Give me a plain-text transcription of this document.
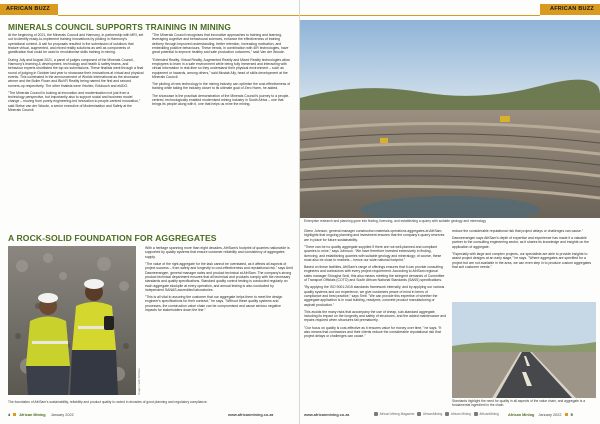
AFRICAN BUZZ
MINERALS COUNCIL SUPPORTS TRAINING IN MINING

At the beginning of 2021, the Minerals Council and Harmony, in partnership with MRI, set out to identify ready-to-implement training innovations by piloting in Harmony's operational context. A call for proposals resulted in the submission of solutions that feature virtual, augmented, and mixed reality solutions as well as components of gamification that could be used to revolutionise skills training in mining.

During July and August 2021, a panel of judges composed of the Minerals Council, Harmony's learning & development, technology and health & safety teams, and behaviour experts shortlisted the top six submissions. These finalists went through a final round of judging in October last year to showcase their innovations at virtual and physical events. This culminated in the announcement of Worldx International as the showcase winner and the Boiler Room and BluVR Reality being named the first and second runners-up respectively. The other finalists were Vrtuitec, Edutouch and ekIDO.

"The Minerals Council is looking at innovation and modernisation not just from a technology perspective, but importantly also to support social and business model change – moving from purely engineering-led innovation to people-centred innovation," said Sietse van der Woude, a senior executive of Modernisation and Safety at the Minerals Council.

"The Minerals Council recognises that innovative approaches to training and learning, leveraging cognitive and behavioural sciences, enhance the effectiveness of training delivery through improved understanding, better retention, increasing motivation, and embedding positive behaviours. These trends, in combination with 4IR technologies, have great potential to improve healthy and safe production outcomes," said Van der Woude.

"Extended Reality, Virtual Reality, Augmented Reality and Mixed Reality technologies allow employees to learn in a safe environment while being fully immersed and interacting with virtual information in real-time so they understand their physical environment – such as equipment or hazards, among others," said Mustak Ally, head of skills development at the Minerals Council.

The piloting of new technology in the mining industry can optimise the cost-effectiveness of training while taking the industry closer to its ultimate goal of Zero Harm, he added.

The showcase is the practical demonstration of the Minerals Council's journey to a people-centred, technologically enabled modernised mining industry in South Africa – one that brings its people along with it, one that helps us mine the mining.

A ROCK-SOLID FOUNDATION FOR AGGREGATES
Image credit: AfriSam

With a heritage spanning more than eight decades, AfriSam's footprint of quarries nationwide is supported by quality systems that ensure customer reliability and consistency of aggregates supply.

"The value of the right aggregate for the task cannot be overstated, as it affects all aspects of project success – from safety and longevity to cost-effectiveness and reputational risk," says Amit Dawneerangen, general manager sales and product technical at AfriSam. The company's strong product technical department ensures that all technical and products comply with the necessary standards and quality specifications. Standard quality control testing is conducted regularly on each aggregate stockpile at every operation, and annual testing is also conducted by independent SANAS-accredited laboratories.

"This is all vital to assuring the customer that our aggregate helps them to meet the design engineer's specifications for their contract," he says. "Without these quality systems and processes, the construction value chain can be compromised and cause serious negative impacts for stakeholders down the line."

The foundation of AfriSam's sustainability, reliability and product quality is rooted in decades of good planning and regulatory compliance.
4 African Mining January 2022	www.africanmining.co.za
AFRICAN BUZZ
Enterprise research and planning gone into finding, licencing, and establishing a quarry with suitable geology and mineralogy

Glenn Johnson, general manager construction materials operations aggregates at AfriSam, highlights that ongoing planning and investment ensures that the company's quarry reserves are in place for future sustainability.

"There can be no quality aggregate supplied if there are not well-planned and compliant quarries to mine," says Johnson. "We have therefore invested extensively in finding, licencing, and establishing quarries with suitable geology and mineralogy; of course, these must also be close to markets – hence our wide national footprint."

Based on these facilities, AfriSam's range of offerings ensures that it can provide consulting engineers and contractors with every project requirement. According to AfriSam regional sales manager Shougha Smit, this also means meeting the stringent demands of Committee of Transport Officials (COTO) and South African National Standards (SANS) specifications.

"By applying the ISO 9001:2015 standards framework internally, and by applying our various quality systems and our experience, we give customers peace of mind in terms of compliance and best practice," says Smit. "We can provide this expertise of whether the aggregate application is in road building, readymix, concrete product manufacturing or asphalt production."

This avoids the many risks that accompany the use of cheap, sub-standard aggregate, including its impact on the longevity and safety of structures, and the added maintenance and repairs required when structures fail prematurely.

"Our focus on quality is cost-effective as it ensures value for money over time," he says. "It also means that contractors and their clients reduce the considerable reputational risk that project delays or challenges can cause."

reduce the considerable reputational risk that project delays or challenges can cause."

Dawneerangen says AfriSam's depth of expertise and experience has made it a valuable partner to the consulting engineering sector, as it shares its knowledge and insights on the application of aggregate.

"Especially with large and complex projects, our specialists are able to provide insights to assist project designs at an early stage," he says. "Where aggregates are specified for a project but are not available in the area, we can even step in to produce custom aggregates that suit customer needs."

Standards highlight the need for quality in all aspects of the value chain, and aggregate is a fundamental ingredient in the chain.
www.africanmining.co.za	African Mining Magazine	AfricanMining	African Mining	AfricanMining African Mining January 2022 5
